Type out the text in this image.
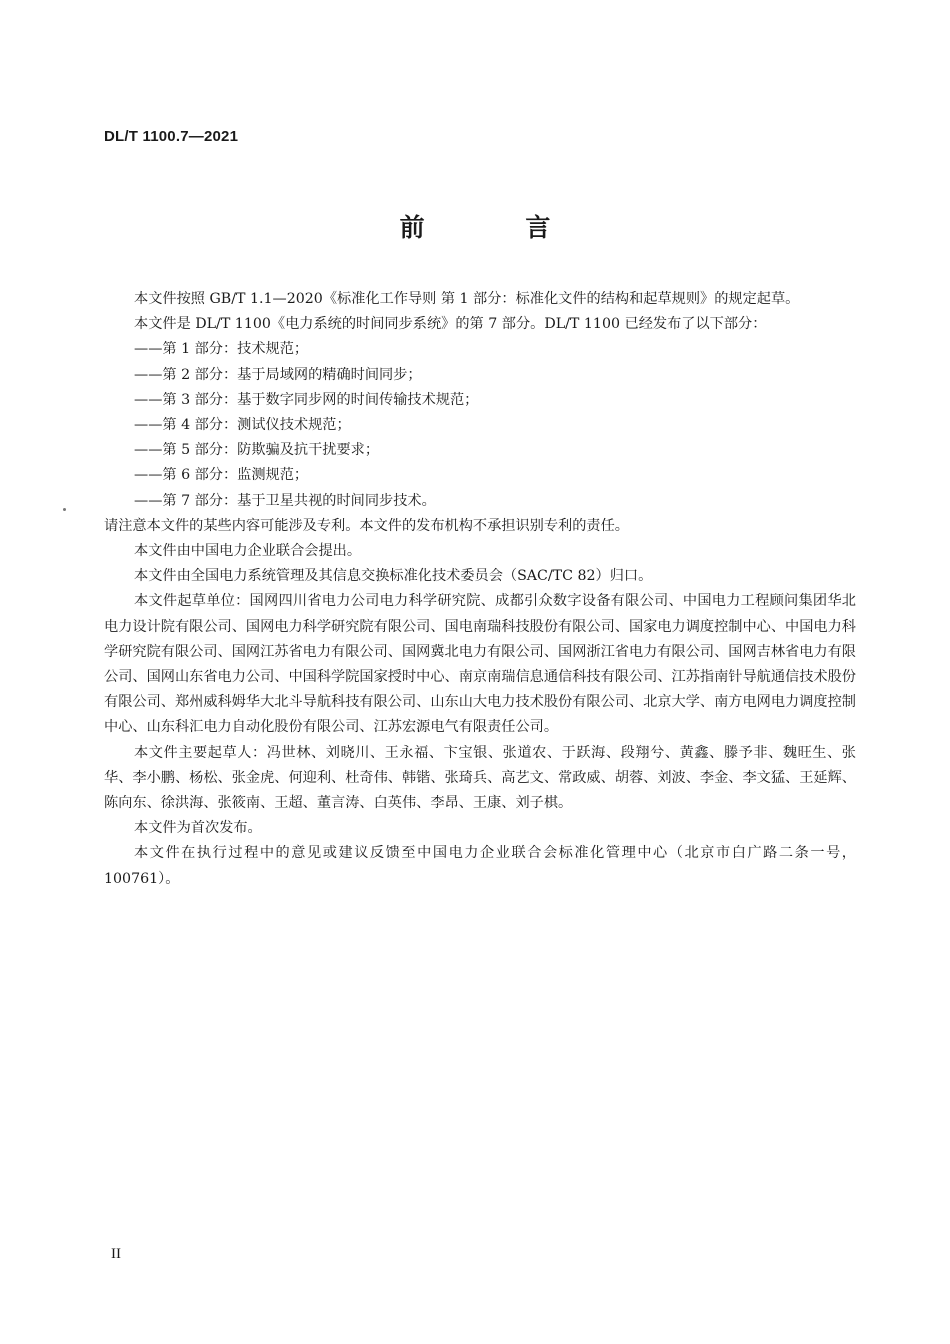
DL/T 1100.7—2021
前 言

本文件按照 GB/T 1.1—2020《标准化工作导则 第 1 部分：标准化文件的结构和起草规则》的规定起草。

本文件是 DL/T 1100《电力系统的时间同步系统》的第 7 部分。DL/T 1100 已经发布了以下部分：

——第 1 部分：技术规范；

——第 2 部分：基于局域网的精确时间同步；

——第 3 部分：基于数字同步网的时间传输技术规范；

——第 4 部分：测试仪技术规范；

——第 5 部分：防欺骗及抗干扰要求；

——第 6 部分：监测规范；

——第 7 部分：基于卫星共视的时间同步技术。

请注意本文件的某些内容可能涉及专利。本文件的发布机构不承担识别专利的责任。

本文件由中国电力企业联合会提出。

本文件由全国电力系统管理及其信息交换标准化技术委员会（SAC/TC 82）归口。

本文件起草单位：国网四川省电力公司电力科学研究院、成都引众数字设备有限公司、中国电力工程顾问集团华北电力设计院有限公司、国网电力科学研究院有限公司、国电南瑞科技股份有限公司、国家电力调度控制中心、中国电力科学研究院有限公司、国网江苏省电力有限公司、国网冀北电力有限公司、国网浙江省电力有限公司、国网吉林省电力有限公司、国网山东省电力公司、中国科学院国家授时中心、南京南瑞信息通信科技有限公司、江苏指南针导航通信技术股份有限公司、郑州威科姆华大北斗导航科技有限公司、山东山大电力技术股份有限公司、北京大学、南方电网电力调度控制中心、山东科汇电力自动化股份有限公司、江苏宏源电气有限责任公司。

本文件主要起草人：冯世林、刘晓川、王永福、卞宝银、张道农、于跃海、段翔兮、黄鑫、滕予非、魏旺生、张华、李小鹏、杨松、张金虎、何迎利、杜奇伟、韩锴、张琦兵、高艺文、常政威、胡蓉、刘波、李金、李文猛、王延辉、陈向东、徐洪海、张筱南、王超、董言涛、白英伟、李昂、王康、刘子棋。

本文件为首次发布。

本文件在执行过程中的意见或建议反馈至中国电力企业联合会标准化管理中心（北京市白广路二条一号，100761）。

II
